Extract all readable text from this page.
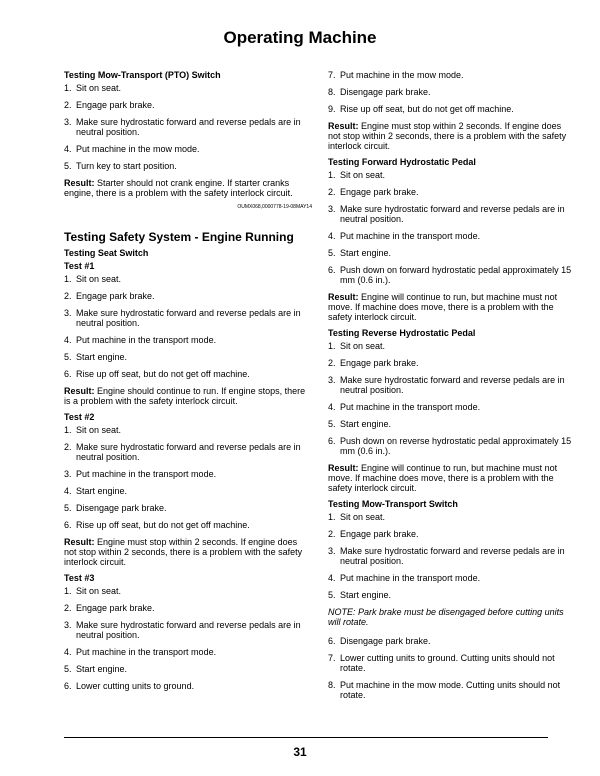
Operating Machine
Testing Mow-Transport (PTO) Switch
1. Sit on seat.
2. Engage park brake.
3. Make sure hydrostatic forward and reverse pedals are in neutral position.
4. Put machine in the mow mode.
5. Turn key to start position.
Result: Starter should not crank engine. If starter cranks engine, there is a problem with the safety interlock circuit.
OUMX068,0000778-19-08MAY14
Testing Safety System - Engine Running
Testing Seat Switch
Test #1
1. Sit on seat.
2. Engage park brake.
3. Make sure hydrostatic forward and reverse pedals are in neutral position.
4. Put machine in the transport mode.
5. Start engine.
6. Rise up off seat, but do not get off machine.
Result: Engine should continue to run. If engine stops, there is a problem with the safety interlock circuit.
Test #2
1. Sit on seat.
2. Make sure hydrostatic forward and reverse pedals are in neutral position.
3. Put machine in the transport mode.
4. Start engine.
5. Disengage park brake.
6. Rise up off seat, but do not get off machine.
Result: Engine must stop within 2 seconds. If engine does not stop within 2 seconds, there is a problem with the safety interlock circuit.
Test #3
1. Sit on seat.
2. Engage park brake.
3. Make sure hydrostatic forward and reverse pedals are in neutral position.
4. Put machine in the transport mode.
5. Start engine.
6. Lower cutting units to ground.
7. Put machine in the mow mode.
8. Disengage park brake.
9. Rise up off seat, but do not get off machine.
Result: Engine must stop within 2 seconds. If engine does not stop within 2 seconds, there is a problem with the safety interlock circuit.
Testing Forward Hydrostatic Pedal
1. Sit on seat.
2. Engage park brake.
3. Make sure hydrostatic forward and reverse pedals are in neutral position.
4. Put machine in the transport mode.
5. Start engine.
6. Push down on forward hydrostatic pedal approximately 15 mm (0.6 in.).
Result: Engine will continue to run, but machine must not move. If machine does move, there is a problem with the safety interlock circuit.
Testing Reverse Hydrostatic Pedal
1. Sit on seat.
2. Engage park brake.
3. Make sure hydrostatic forward and reverse pedals are in neutral position.
4. Put machine in the transport mode.
5. Start engine.
6. Push down on reverse hydrostatic pedal approximately 15 mm (0.6 in.).
Result: Engine will continue to run, but machine must not move. If machine does move, there is a problem with the safety interlock circuit.
Testing Mow-Transport Switch
1. Sit on seat.
2. Engage park brake.
3. Make sure hydrostatic forward and reverse pedals are in neutral position.
4. Put machine in the transport mode.
5. Start engine.
NOTE: Park brake must be disengaged before cutting units will rotate.
6. Disengage park brake.
7. Lower cutting units to ground. Cutting units should not rotate.
8. Put machine in the mow mode. Cutting units should not rotate.
31
